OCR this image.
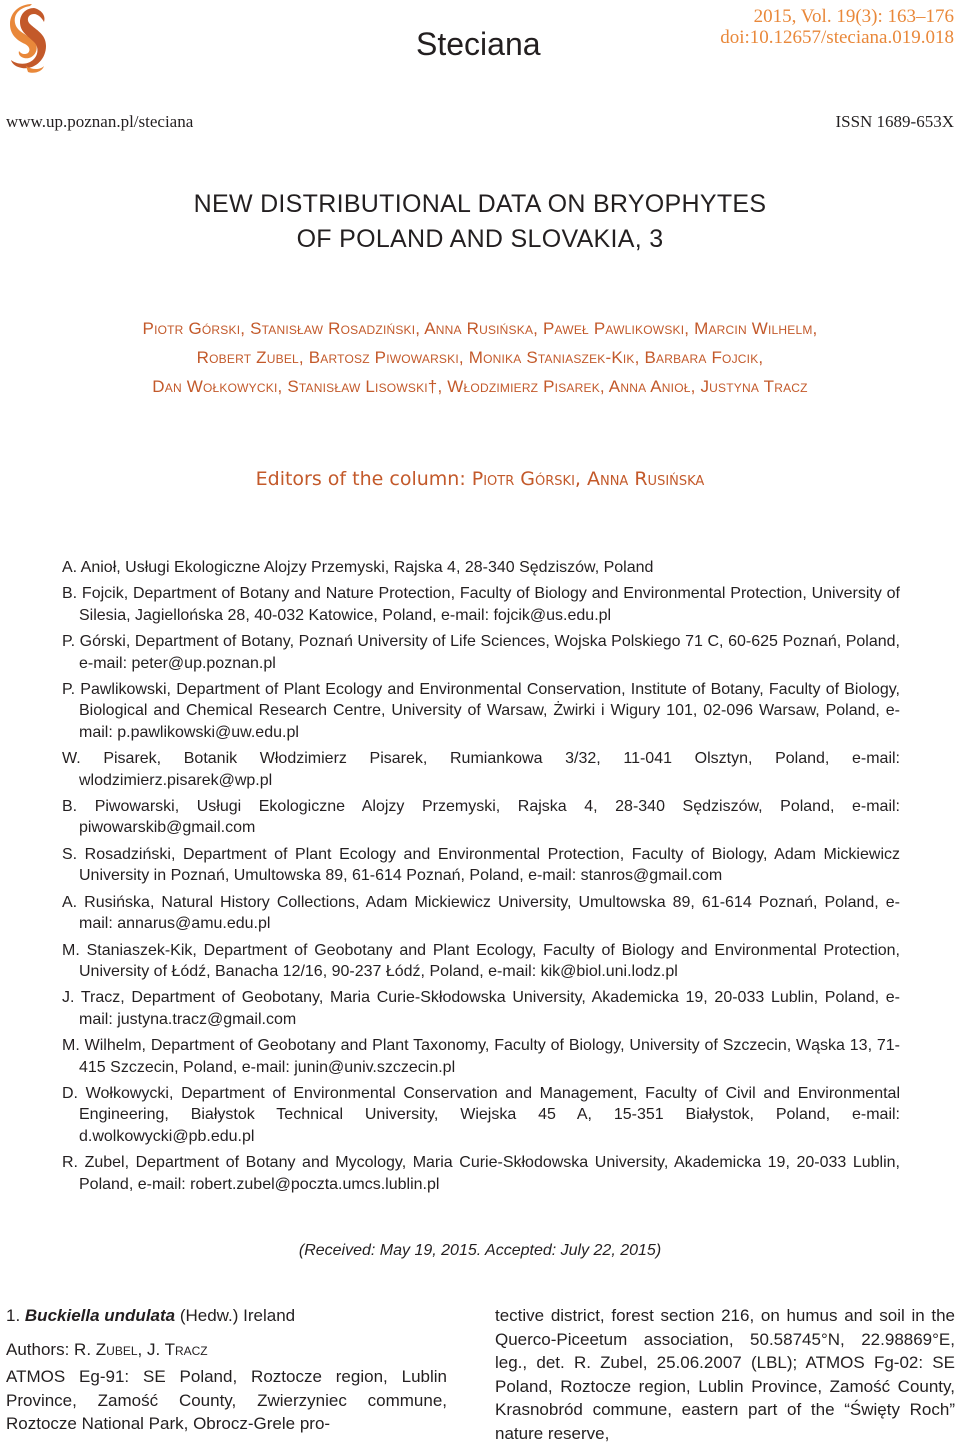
Steciana
2015, Vol. 19(3): 163–176
doi:10.12657/steciana.019.018
www.up.poznan.pl/steciana	ISSN 1689-653X
NEW DISTRIBUTIONAL DATA ON BRYOPHYTES
OF POLAND AND SLOVAKIA, 3
Piotr Górski, Stanisław Rosadziński, Anna Rusińska, Paweł Pawlikowski, Marcin Wilhelm,
Robert Zubel, Bartosz Piwowarski, Monika Staniaszek-Kik, Barbara Fojcik,
Dan Wołkowycki, Stanisław Lisowski†, Włodzimierz Pisarek, Anna Anioł, Justyna Tracz
Editors of the column: Piotr Górski, Anna Rusińska
A. Anioł, Usługi Ekologiczne Alojzy Przemyski, Rajska 4, 28-340 Sędziszów, Poland
B. Fojcik, Department of Botany and Nature Protection, Faculty of Biology and Environmental Protection, University of Silesia, Jagiellońska 28, 40-032 Katowice, Poland, e-mail: fojcik@us.edu.pl
P. Górski, Department of Botany, Poznań University of Life Sciences, Wojska Polskiego 71 C, 60-625 Poznań, Poland, e-mail: peter@up.poznan.pl
P. Pawlikowski, Department of Plant Ecology and Environmental Conservation, Institute of Botany, Faculty of Biology, Biological and Chemical Research Centre, University of Warsaw, Żwirki i Wigury 101, 02-096 Warsaw, Poland, e-mail: p.pawlikowski@uw.edu.pl
W. Pisarek, Botanik Włodzimierz Pisarek, Rumiankowa 3/32, 11-041 Olsztyn, Poland, e-mail: wlodzimierz.pisarek@wp.pl
B. Piwowarski, Usługi Ekologiczne Alojzy Przemyski, Rajska 4, 28-340 Sędziszów, Poland, e-mail: piwowarskib@gmail.com
S. Rosadziński, Department of Plant Ecology and Environmental Protection, Faculty of Biology, Adam Mickiewicz University in Poznań, Umultowska 89, 61-614 Poznań, Poland, e-mail: stanros@gmail.com
A. Rusińska, Natural History Collections, Adam Mickiewicz University, Umultowska 89, 61-614 Poznań, Poland, e-mail: annarus@amu.edu.pl
M. Staniaszek-Kik, Department of Geobotany and Plant Ecology, Faculty of Biology and Environmental Protection, University of Łódź, Banacha 12/16, 90-237 Łódź, Poland, e-mail: kik@biol.uni.lodz.pl
J. Tracz, Department of Geobotany, Maria Curie-Skłodowska University, Akademicka 19, 20-033 Lublin, Poland, e-mail: justyna.tracz@gmail.com
M. Wilhelm, Department of Geobotany and Plant Taxonomy, Faculty of Biology, University of Szczecin, Wąska 13, 71-415 Szczecin, Poland, e-mail: junin@univ.szczecin.pl
D. Wołkowycki, Department of Environmental Conservation and Management, Faculty of Civil and Environmental Engineering, Białystok Technical University, Wiejska 45 A, 15-351 Białystok, Poland, e-mail: d.wolkowycki@pb.edu.pl
R. Zubel, Department of Botany and Mycology, Maria Curie-Skłodowska University, Akademicka 19, 20-033 Lublin, Poland, e-mail: robert.zubel@poczta.umcs.lublin.pl
(Received: May 19, 2015. Accepted: July 22, 2015)
1. Buckiella undulata (Hedw.) Ireland
Authors: R. Zubel, J. Tracz
ATMOS Eg-91: SE Poland, Roztocze region, Lublin Province, Zamość County, Zwierzyniec commune, Roztocze National Park, Obrocz-Grele pro-
tective district, forest section 216, on humus and soil in the Querco-Piceetum association, 50.58745°N, 22.98869°E, leg., det. R. Zubel, 25.06.2007 (LBL); ATMOS Fg-02: SE Poland, Roztocze region, Lublin Province, Zamość County, Krasnobród commune, eastern part of the “Święty Roch” nature reserve,
